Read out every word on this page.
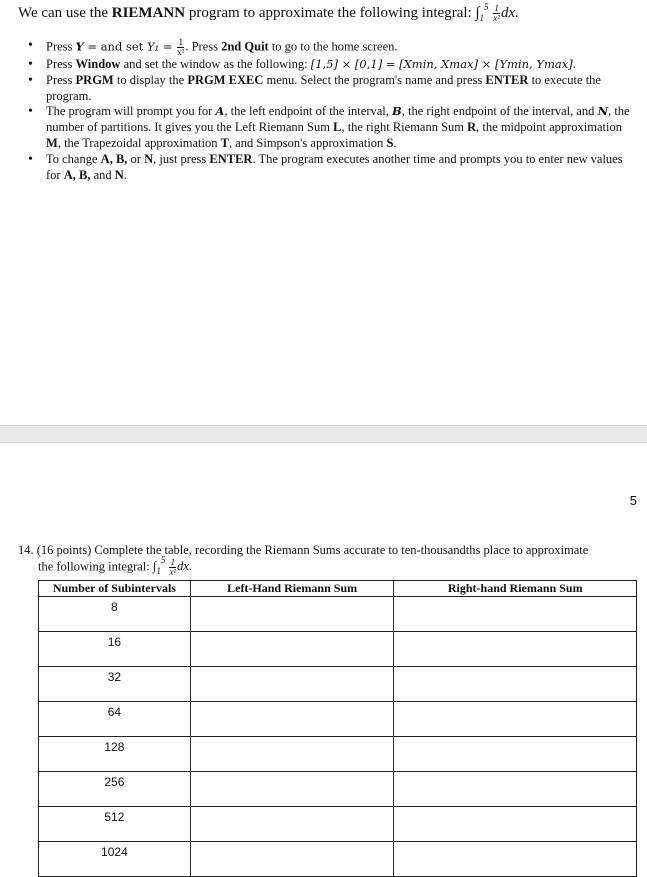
We can use the RIEMANN program to approximate the following integral: $\int_1^5 \frac{1}{\text{x²}}$ dx.
• Press Y = and set $Y_1 = \frac{1}{\text{x²}}$ . Press 2nd Quit to go to the home screen.
• Press Window and set the window as the following: [1,5] × [0,1] = [Xmin, Xmax] × [Ymin, Ymax].
• Press PRGM to display the PRGM EXEC menu. Select the program's name and press ENTER to execute the program.
• The program will prompt you for A, the left endpoint of the interval, B, the right endpoint of the interval, and N, the number of partitions. It gives you the Left Riemann Sum L, the right Riemann Sum R, the midpoint approximation M, the Trapezoidal approximation T, and Simpson's approximation S.
• To change A, B, or N, just press ENTER. The program executes another time and prompts you to enter new values for A, B, and N.
5
14. (16 points) Complete the table, recording the Riemann Sums accurate to ten-thousandths place to approximate
the following integral: $\int_1^5 \frac{1}{\text{x²}}$ dx.
Number of Subintervals	Left-Hand Riemann Sum	Right-hand Riemann Sum
8		
16		
32		
64		
128		
256		
512		
1024		
